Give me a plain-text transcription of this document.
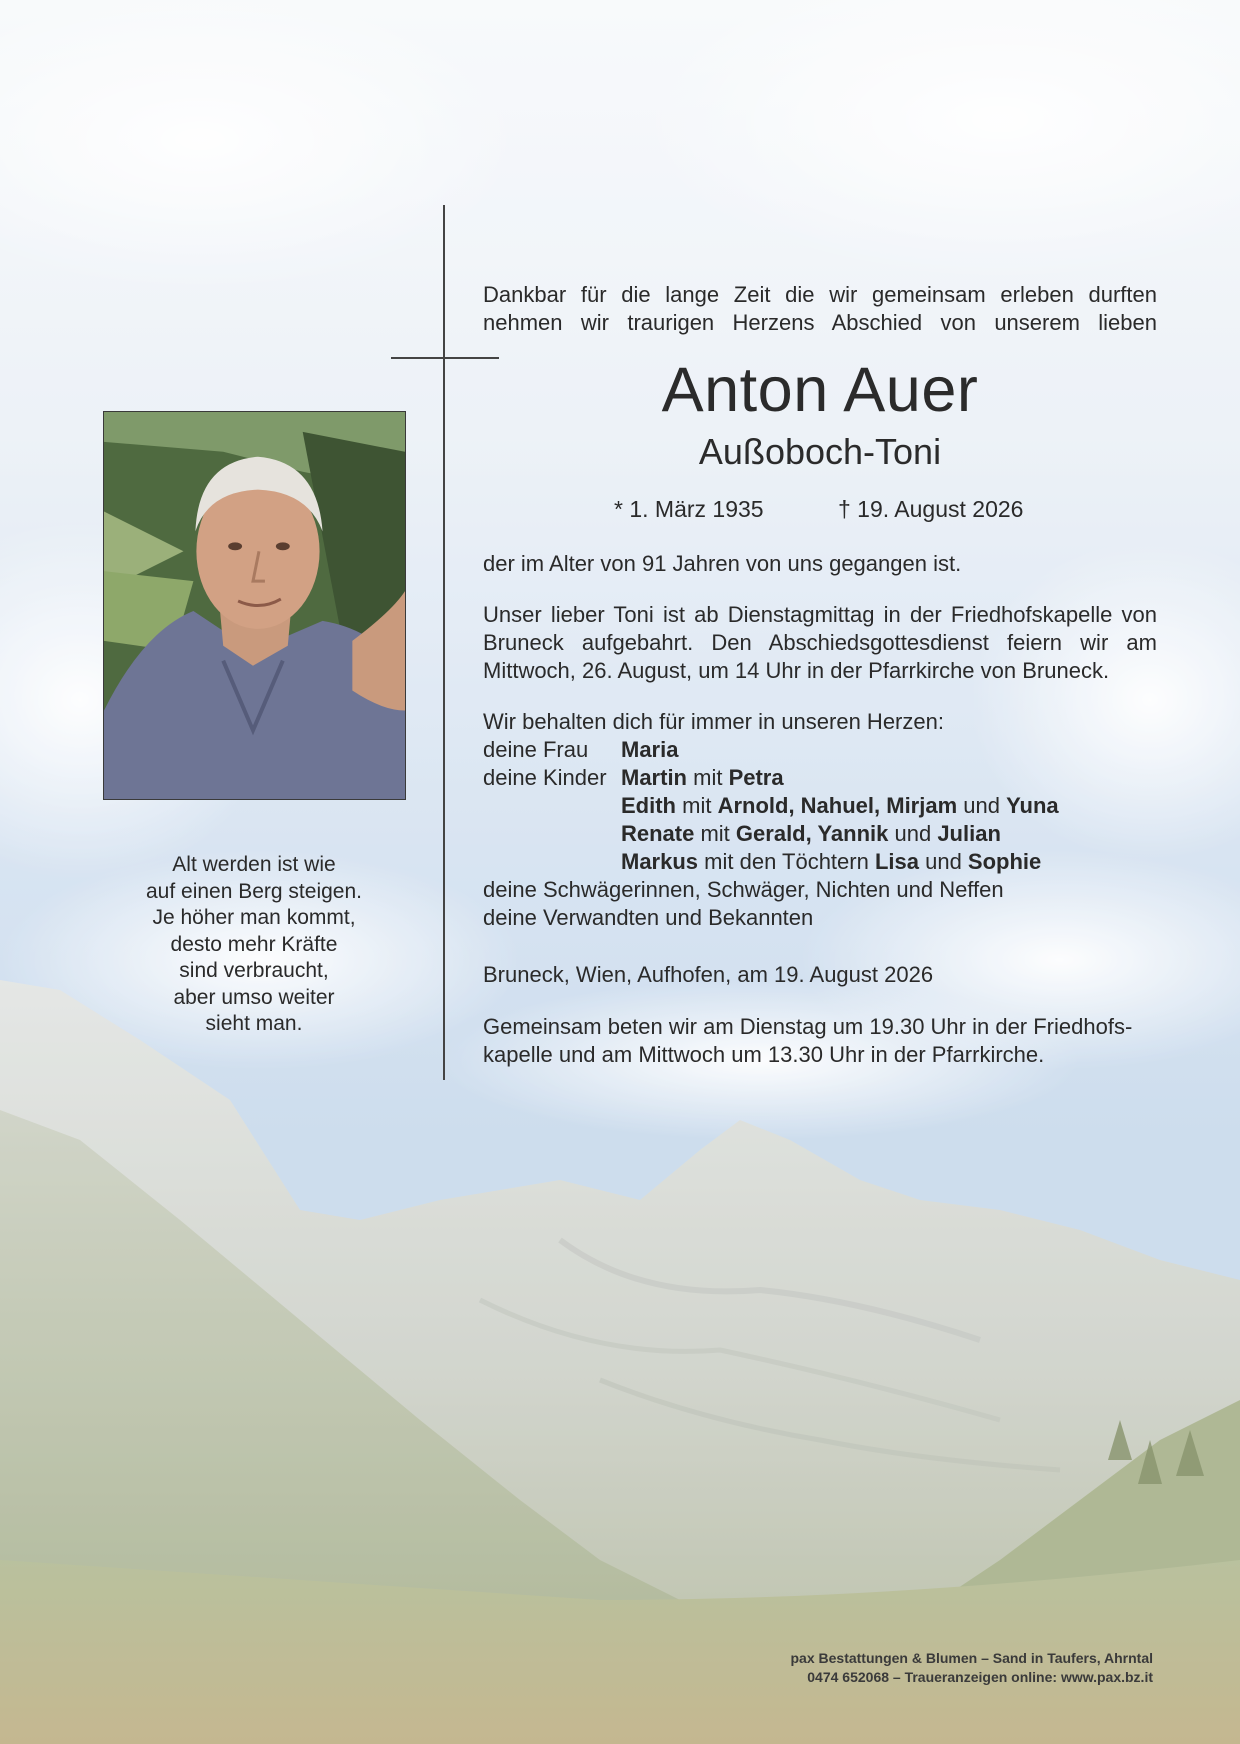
Alt werden ist wie
auf einen Berg steigen.
Je höher man kommt,
desto mehr Kräfte
sind verbraucht,
aber umso weiter
sieht man.
Dankbar für die lange Zeit die wir gemeinsam erleben durften
nehmen wir traurigen Herzens Abschied von unserem lieben
Anton Auer
Außoboch-Toni
* 1. März 1935	† 19. August 2026
der im Alter von 91 Jahren von uns gegangen ist.
Unser lieber Toni ist ab Dienstagmittag in der Friedhofskapelle von
Bruneck aufgebahrt. Den Abschiedsgottesdienst feiern wir am
Mittwoch, 26. August, um 14 Uhr in der Pfarrkirche von Bruneck.
Wir behalten dich für immer in unseren Herzen:
deine Frau	Maria
deine Kinder Martin mit Petra
Edith mit Arnold, Nahuel, Mirjam und Yuna
Renate mit Gerald, Yannik und Julian
Markus mit den Töchtern Lisa und Sophie
deine Schwägerinnen, Schwäger, Nichten und Neffen
deine Verwandten und Bekannten
Bruneck, Wien, Aufhofen, am 19. August 2026
Gemeinsam beten wir am Dienstag um 19.30 Uhr in der Friedhofs-
kapelle und am Mittwoch um 13.30 Uhr in der Pfarrkirche.
pax Bestattungen & Blumen – Sand in Taufers, Ahrntal
0474 652068 – Traueranzeigen online: www.pax.bz.it
